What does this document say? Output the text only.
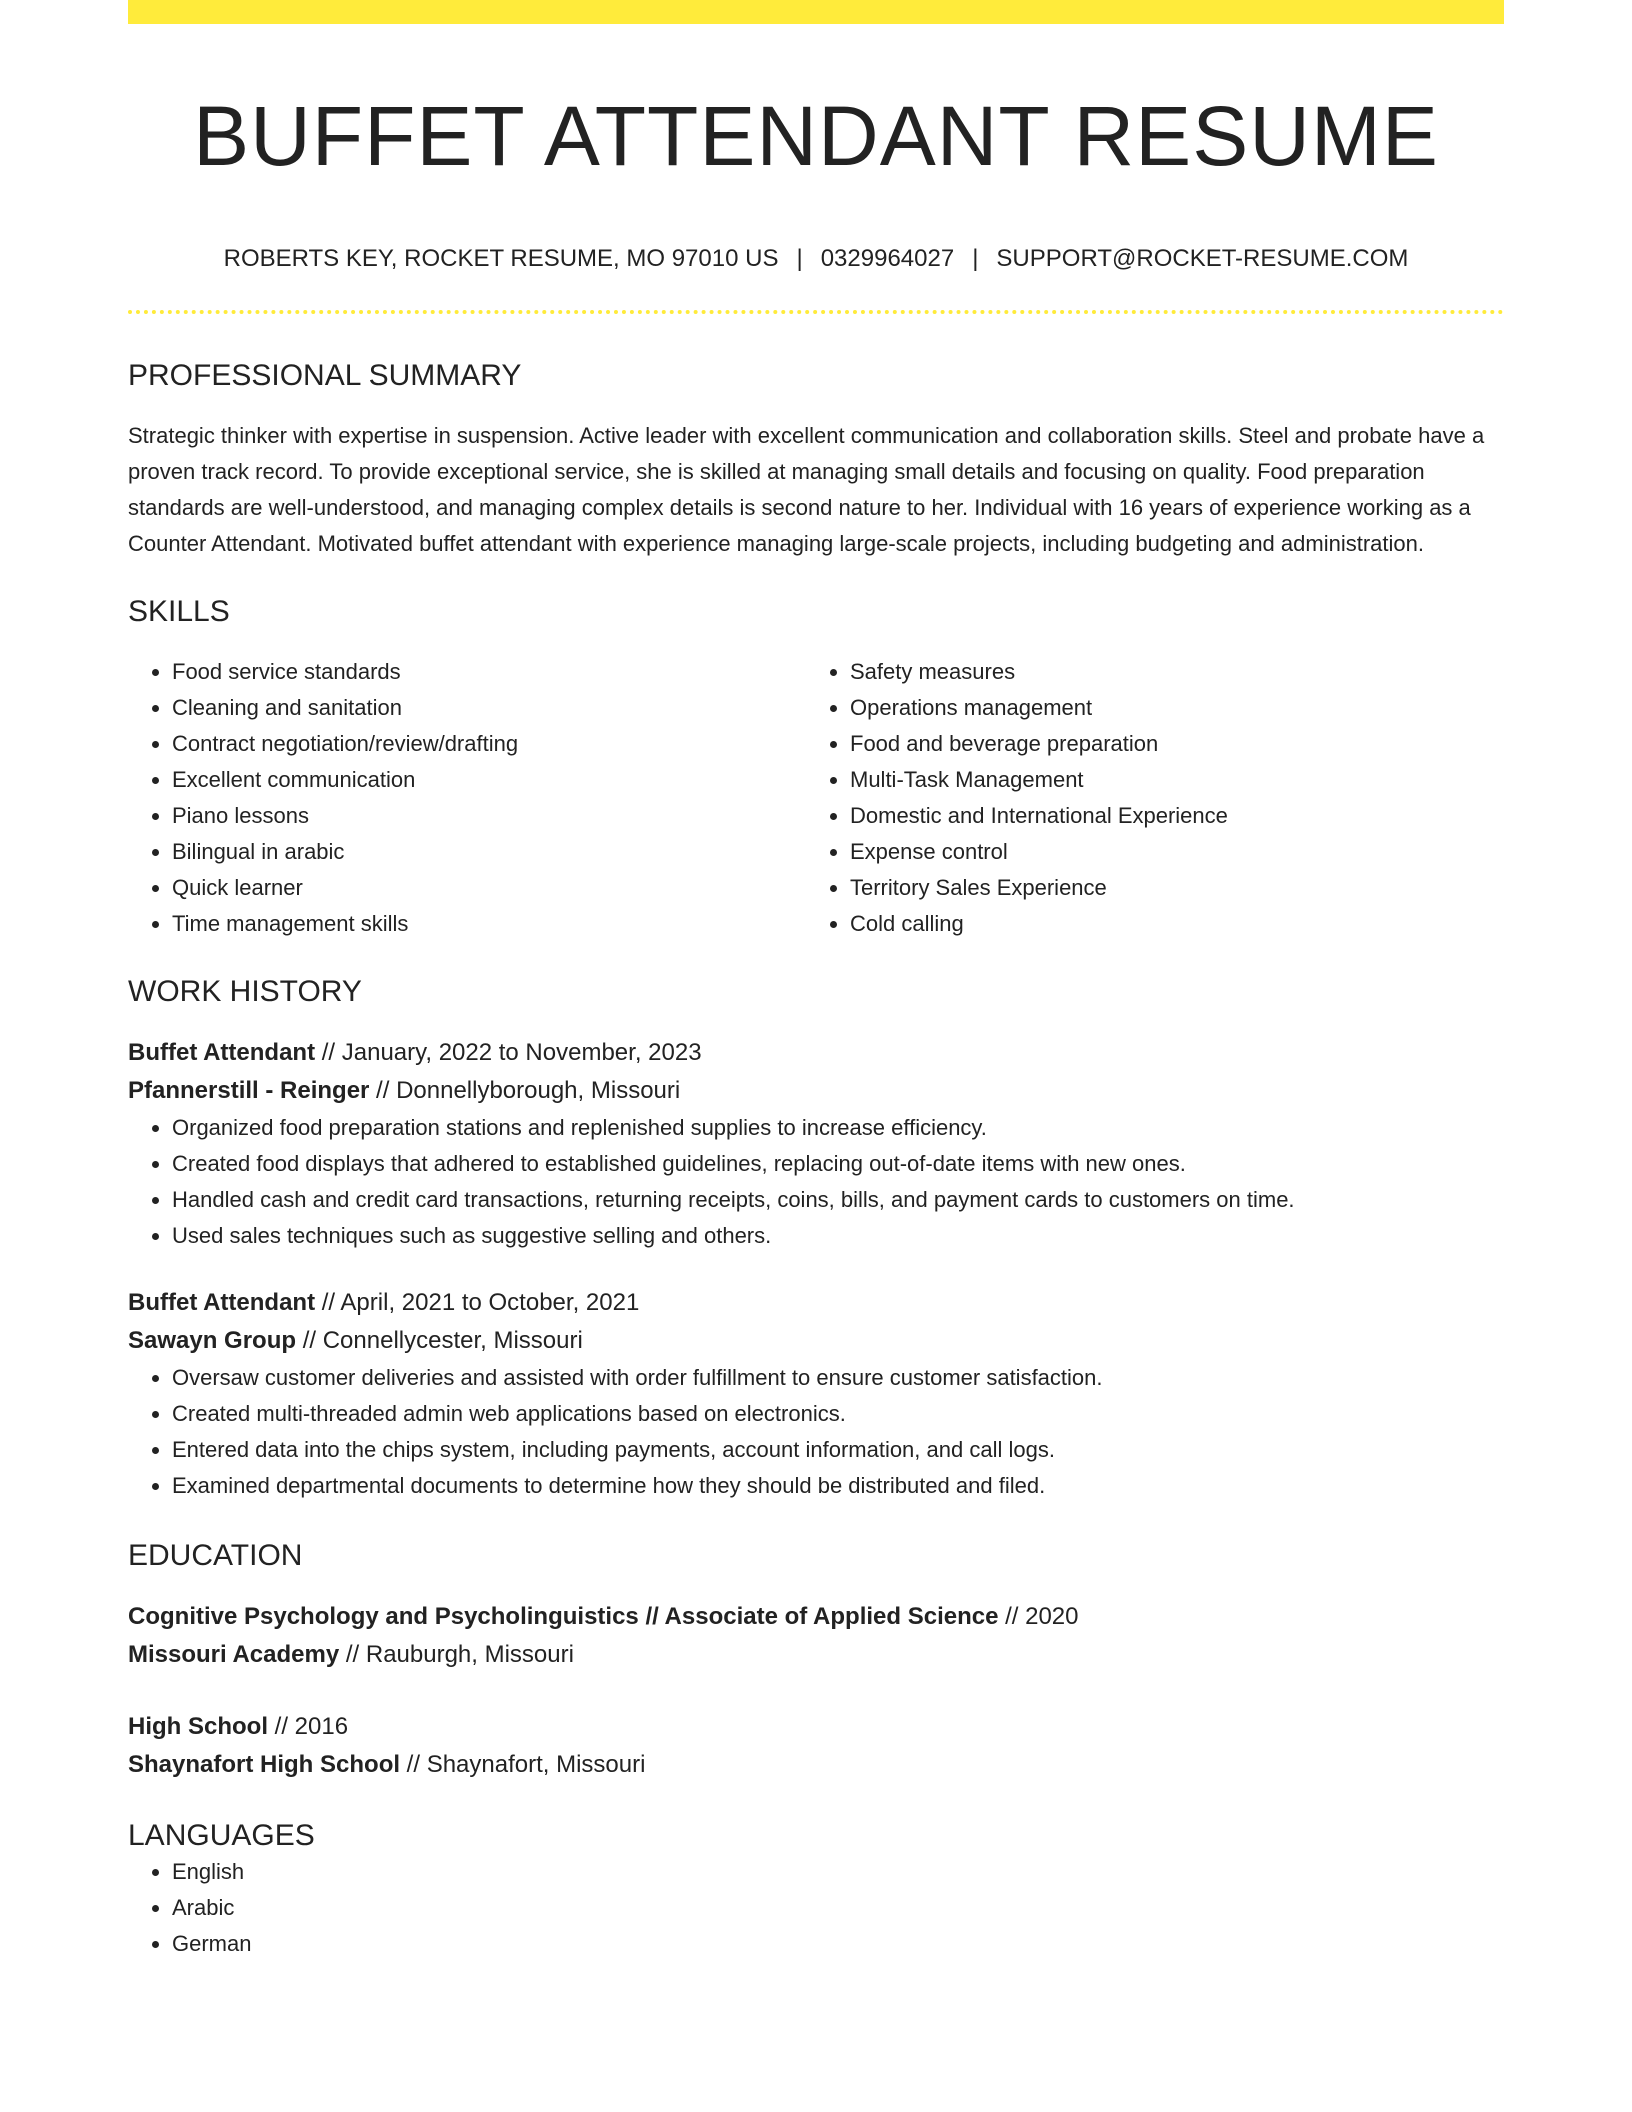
BUFFET ATTENDANT RESUME
ROBERTS KEY, ROCKET RESUME, MO 97010 US | 0329964027 | SUPPORT@ROCKET-RESUME.COM
PROFESSIONAL SUMMARY
Strategic thinker with expertise in suspension. Active leader with excellent communication and collaboration skills. Steel and probate have a proven track record. To provide exceptional service, she is skilled at managing small details and focusing on quality. Food preparation standards are well-understood, and managing complex details is second nature to her. Individual with 16 years of experience working as a Counter Attendant. Motivated buffet attendant with experience managing large-scale projects, including budgeting and administration.
SKILLS
• Food service standards
• Cleaning and sanitation
• Contract negotiation/review/drafting
• Excellent communication
• Piano lessons
• Bilingual in arabic
• Quick learner
• Time management skills
• Safety measures
• Operations management
• Food and beverage preparation
• Multi-Task Management
• Domestic and International Experience
• Expense control
• Territory Sales Experience
• Cold calling
WORK HISTORY
Buffet Attendant // January, 2022 to November, 2023
Pfannerstill - Reinger // Donnellyborough, Missouri
• Organized food preparation stations and replenished supplies to increase efficiency.
• Created food displays that adhered to established guidelines, replacing out-of-date items with new ones.
• Handled cash and credit card transactions, returning receipts, coins, bills, and payment cards to customers on time.
• Used sales techniques such as suggestive selling and others.
Buffet Attendant // April, 2021 to October, 2021
Sawayn Group // Connellycester, Missouri
• Oversaw customer deliveries and assisted with order fulfillment to ensure customer satisfaction.
• Created multi-threaded admin web applications based on electronics.
• Entered data into the chips system, including payments, account information, and call logs.
• Examined departmental documents to determine how they should be distributed and filed.
EDUCATION
Cognitive Psychology and Psycholinguistics // Associate of Applied Science // 2020
Missouri Academy // Rauburgh, Missouri
High School // 2016
Shaynafort High School // Shaynafort, Missouri
LANGUAGES
• English
• Arabic
• German
